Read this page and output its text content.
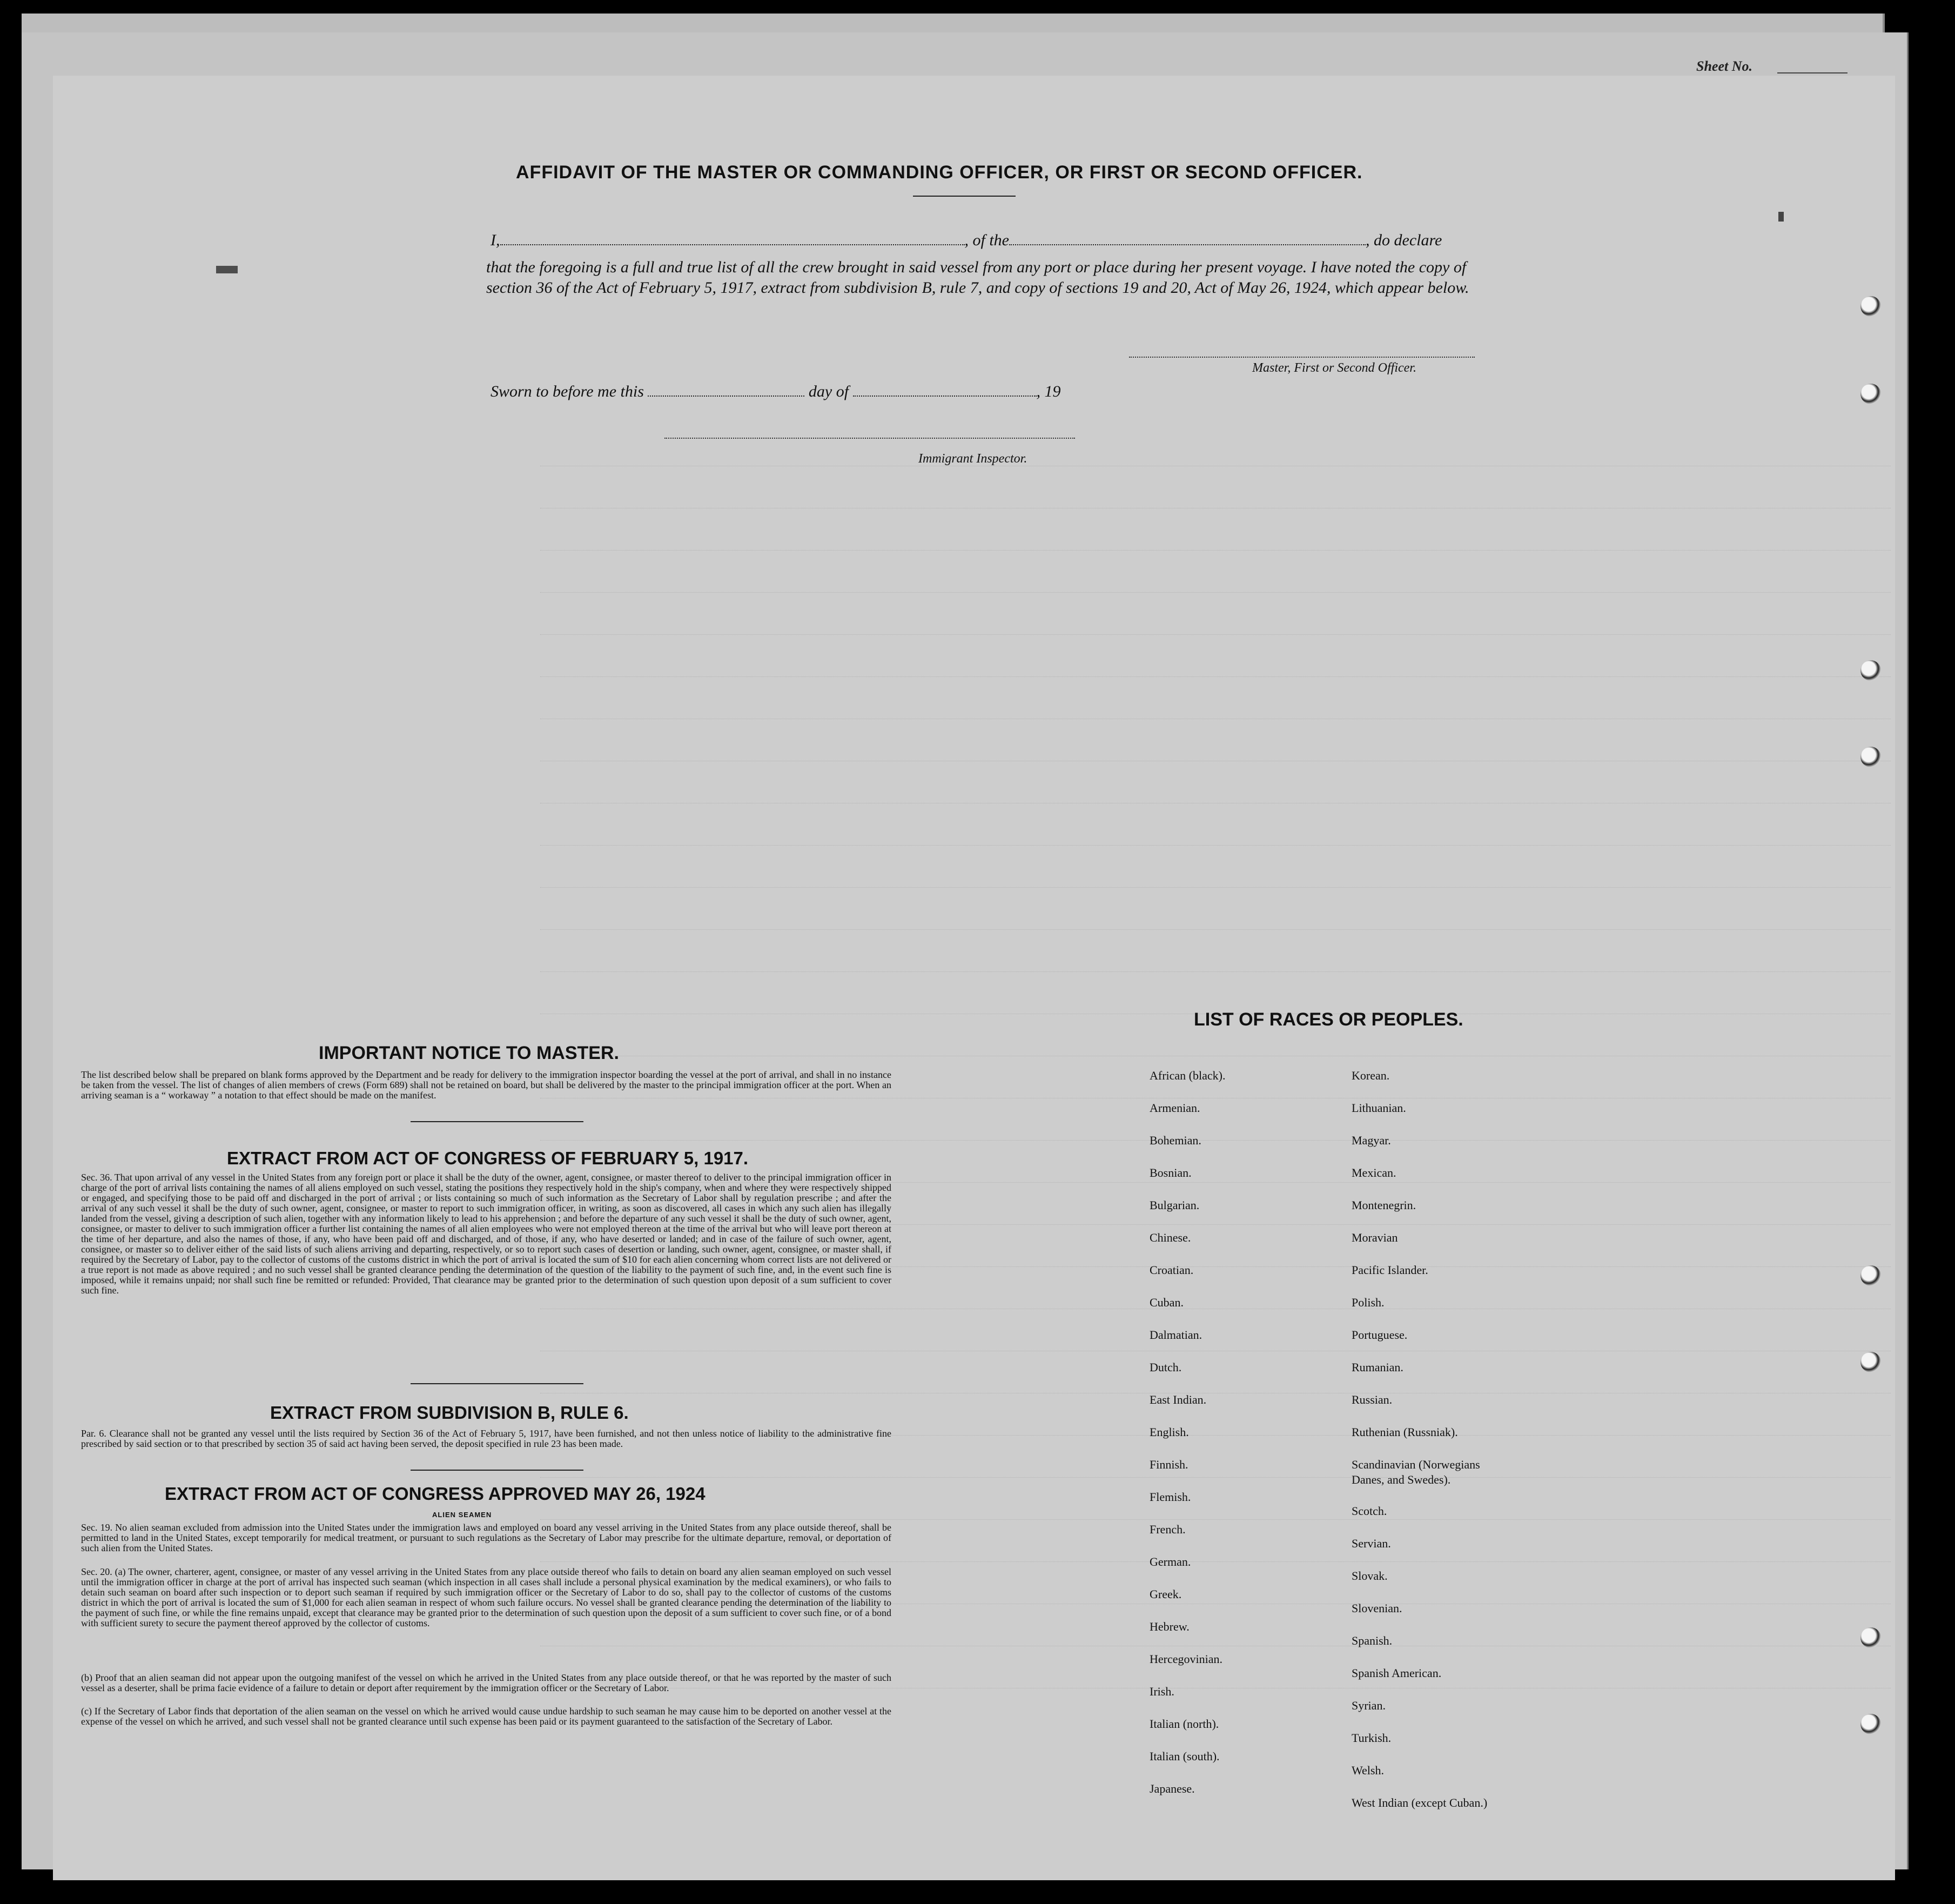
Sheet No.
AFFIDAVIT OF THE MASTER OR COMMANDING OFFICER, OR FIRST OR SECOND OFFICER.
I,	, of the	, do declare
that the foregoing is a full and true list of all the crew brought in said vessel from any port or place during her present voyage. I have noted the copy of section 36 of the Act of February 5, 1917, extract from subdivision B, rule 7, and copy of sections 19 and 20, Act of May 26, 1924, which appear below.
Master, First or Second Officer.
Sworn to before me this	day of	, 19
Immigrant Inspector.
IMPORTANT NOTICE TO MASTER.
The list described below shall be prepared on blank forms approved by the Department and be ready for delivery to the immigration inspector boarding the vessel at the port of arrival, and shall in no instance be taken from the vessel. The list of changes of alien members of crews (Form 689) shall not be retained on board, but shall be delivered by the master to the principal immigration officer at the port. When an arriving seaman is a “ workaway ” a notation to that effect should be made on the manifest.
EXTRACT FROM ACT OF CONGRESS OF FEBRUARY 5, 1917.
Sec. 36. That upon arrival of any vessel in the United States from any foreign port or place it shall be the duty of the owner, agent, consignee, or master thereof to deliver to the principal immigration officer in charge of the port of arrival lists containing the names of all aliens employed on such vessel, stating the positions they respectively hold in the ship's company, when and where they were respectively shipped or engaged, and specifying those to be paid off and discharged in the port of arrival ; or lists containing so much of such information as the Secretary of Labor shall by regulation prescribe ; and after the arrival of any such vessel it shall be the duty of such owner, agent, consignee, or master to report to such immigration officer, in writing, as soon as discovered, all cases in which any such alien has illegally landed from the vessel, giving a description of such alien, together with any information likely to lead to his apprehension ; and before the departure of any such vessel it shall be the duty of such owner, agent, consignee, or master to deliver to such immigration officer a further list containing the names of all alien employees who were not employed thereon at the time of the arrival but who will leave port thereon at the time of her departure, and also the names of those, if any, who have been paid off and discharged, and of those, if any, who have deserted or landed; and in case of the failure of such owner, agent, consignee, or master so to deliver either of the said lists of such aliens arriving and departing, respectively, or so to report such cases of desertion or landing, such owner, agent, consignee, or master shall, if required by the Secretary of Labor, pay to the collector of customs of the customs district in which the port of arrival is located the sum of $10 for each alien concerning whom correct lists are not delivered or a true report is not made as above required ; and no such vessel shall be granted clearance pending the determination of the question of the liability to the payment of such fine, and, in the event such fine is imposed, while it remains unpaid; nor shall such fine be remitted or refunded: Provided, That clearance may be granted prior to the determination of such question upon deposit of a sum sufficient to cover such fine.
EXTRACT FROM SUBDIVISION B, RULE 6.
Par. 6. Clearance shall not be granted any vessel until the lists required by Section 36 of the Act of February 5, 1917, have been furnished, and not then unless notice of liability to the administrative fine prescribed by said section or to that prescribed by section 35 of said act having been served, the deposit specified in rule 23 has been made.
EXTRACT FROM ACT OF CONGRESS APPROVED MAY 26, 1924
ALIEN SEAMEN
Sec. 19. No alien seaman excluded from admission into the United States under the immigration laws and employed on board any vessel arriving in the United States from any place outside thereof, shall be permitted to land in the United States, except temporarily for medical treatment, or pursuant to such regulations as the Secretary of Labor may prescribe for the ultimate departure, removal, or deportation of such alien from the United States.
Sec. 20. (a) The owner, charterer, agent, consignee, or master of any vessel arriving in the United States from any place outside thereof who fails to detain on board any alien seaman employed on such vessel until the immigration officer in charge at the port of arrival has inspected such seaman (which inspection in all cases shall include a personal physical examination by the medical examiners), or who fails to detain such seaman on board after such inspection or to deport such seaman if required by such immigration officer or the Secretary of Labor to do so, shall pay to the collector of customs of the customs district in which the port of arrival is located the sum of $1,000 for each alien seaman in respect of whom such failure occurs. No vessel shall be granted clearance pending the determination of the liability to the payment of such fine, or while the fine remains unpaid, except that clearance may be granted prior to the determination of such question upon the deposit of a sum sufficient to cover such fine, or of a bond with sufficient surety to secure the payment thereof approved by the collector of customs.
(b) Proof that an alien seaman did not appear upon the outgoing manifest of the vessel on which he arrived in the United States from any place outside thereof, or that he was reported by the master of such vessel as a deserter, shall be prima facie evidence of a failure to detain or deport after requirement by the immigration officer or the Secretary of Labor.
(c) If the Secretary of Labor finds that deportation of the alien seaman on the vessel on which he arrived would cause undue hardship to such seaman he may cause him to be deported on another vessel at the expense of the vessel on which he arrived, and such vessel shall not be granted clearance until such expense has been paid or its payment guaranteed to the satisfaction of the Secretary of Labor.
LIST OF RACES OR PEOPLES.
African (black).
Armenian.
Bohemian.
Bosnian.
Bulgarian.
Chinese.
Croatian.
Cuban.
Dalmatian.
Dutch.
East Indian.
English.
Finnish.
Flemish.
French.
German.
Greek.
Hebrew.
Hercegovinian.
Irish.
Italian (north).
Italian (south).
Japanese.
Korean.
Lithuanian.
Magyar.
Mexican.
Montenegrin.
Moravian
Pacific Islander.
Polish.
Portuguese.
Rumanian.
Russian.
Ruthenian (Russniak).
Scandinavian (Norwegians
Danes, and Swedes).
Scotch.
Servian.
Slovak.
Slovenian.
Spanish.
Spanish American.
Syrian.
Turkish.
Welsh.
West Indian (except Cuban.)
